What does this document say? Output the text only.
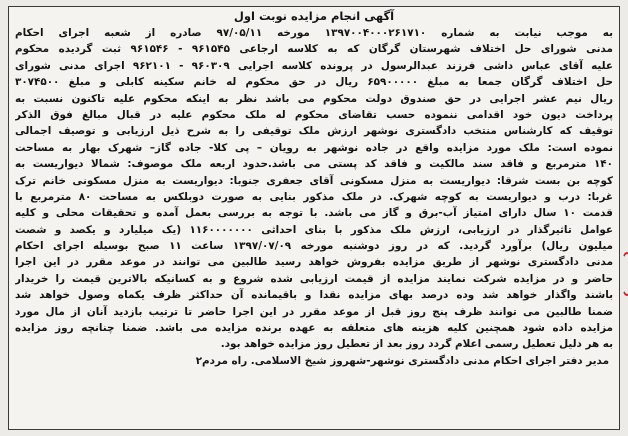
آگهی انجام مزایده نوبت اول
به موجب نیابت به شماره ۱۳۹۷۰۰۴۰۰۰۲۶۱۷۱۰ مورخه ۹۷/۰۵/۱۱ صادره از شعبه اجرای احکام
مدنی شورای حل اختلاف شهرستان گرگان که به کلاسه ارجاعی ۹۶۱۵۴۵ - ۹۶۱۵۴۶ ثبت گردیده محکوم
علیه آقای عباس داشی فرزند عبدالرسول در پرونده کلاسه اجرایی ۹۶۰۳۰۹ - ۹۶۲۱۰۱ اجرای مدنی شورای
حل اختلاف گرگان جمعا به مبلغ ۶۵۹۰۰۰۰۰ ریال در حق محکوم له خانم سکینه کابلی و مبلغ ۳۰۷۴۵۰۰
ریال نیم عشر اجرایی در حق صندوق دولت محکوم می باشد نظر به اینکه محکوم علیه تاکنون نسبت به
پرداخت دیون خود اقدامی ننموده حسب تقاضای محکوم له ملک محکوم علیه در قبال مبالغ فوق الذکر
توقیف که کارشناس منتخب دادگستری نوشهر ارزش ملک توقیفی را به شرح ذیل ارزیابی و توصیف اجمالی
نموده است: ملک مورد مزایده واقع در جاده نوشهر به رویان – پی کلا- جاده گاز– شهرک بهار به مساحت
۱۴۰ مترمربع و فاقد سند مالکیت و فاقد کد پستی می باشد.حدود اربعه ملک موصوف: شمالا دیواریست به
کوچه بن بست شرقا: دیواریست به منزل مسکونی آقای جعفری جنوبا: دیواریست به منزل مسکونی خانم ترک
غربا: درب و دیواریست به کوچه شهرک. در ملک مذکور بنایی به صورت دوبلکس به مساحت ۸۰ مترمربع با
قدمت ۱۰ سال دارای امتیاز آب-برق و گاز می باشد. با توجه به بررسی بعمل آمده و تحقیقات محلی و کلیه
عوامل تاثیرگذار در ارزیابی، ارزش ملک مذکور با بنای احداثی ۱۱۶۰۰۰۰۰۰۰ (یک میلیارد و یکصد و شصت
میلیون ریال) برآورد گردید. که در روز دوشنبه مورخه ۱۳۹۷/۰۷/۰۹ ساعت ۱۱ صبح بوسیله اجرای احکام
مدنی دادگستری نوشهر از طریق مزایده بفروش خواهد رسید طالبین می توانند در موعد مقرر در این اجرا
حاضر و در مزایده شرکت نمایند مزایده از قیمت ارزیابی شده شروع و به کسانیکه بالاترین قیمت را خریدار
باشند واگذار خواهد شد وده درصد بهای مزایده نقدا و باقیمانده آن حداکثر ظرف یکماه وصول خواهد شد
ضمنا طالبین می توانند ظرف پنج روز قبل از موعد مقرر در این اجرا حاضر تا ترتیب بازدید آنان از مال مورد
مزایده داده شود همچنین کلیه هزینه های متعلقه به عهده برنده مزایده می باشد. ضمنا چنانچه روز مزایده
به هر دلیل تعطیل رسمی اعلام گردد روز بعد از تعطیل روز مزایده خواهد بود.
مدیر دفتر اجرای احکام مدنی دادگستری نوشهر-شهروز شیخ الاسلامی. راه مردم۲
